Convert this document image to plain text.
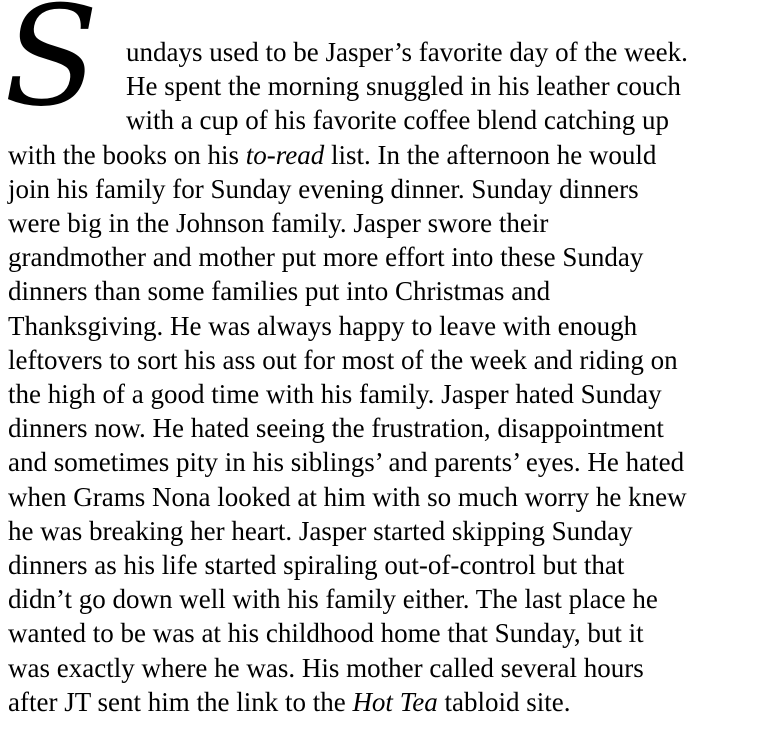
S undays used to be Jasper’s favorite day of the week.
He spent the morning snuggled in his leather couch
with a cup of his favorite coffee blend catching up
with the books on his to-read list. In the afternoon he would
join his family for Sunday evening dinner. Sunday dinners
were big in the Johnson family. Jasper swore their
grandmother and mother put more effort into these Sunday
dinners than some families put into Christmas and
Thanksgiving. He was always happy to leave with enough
leftovers to sort his ass out for most of the week and riding on
the high of a good time with his family. Jasper hated Sunday
dinners now. He hated seeing the frustration, disappointment
and sometimes pity in his siblings’ and parents’ eyes. He hated
when Grams Nona looked at him with so much worry he knew
he was breaking her heart. Jasper started skipping Sunday
dinners as his life started spiraling out-of-control but that
didn’t go down well with his family either. The last place he
wanted to be was at his childhood home that Sunday, but it
was exactly where he was. His mother called several hours
after JT sent him the link to the Hot Tea tabloid site.
